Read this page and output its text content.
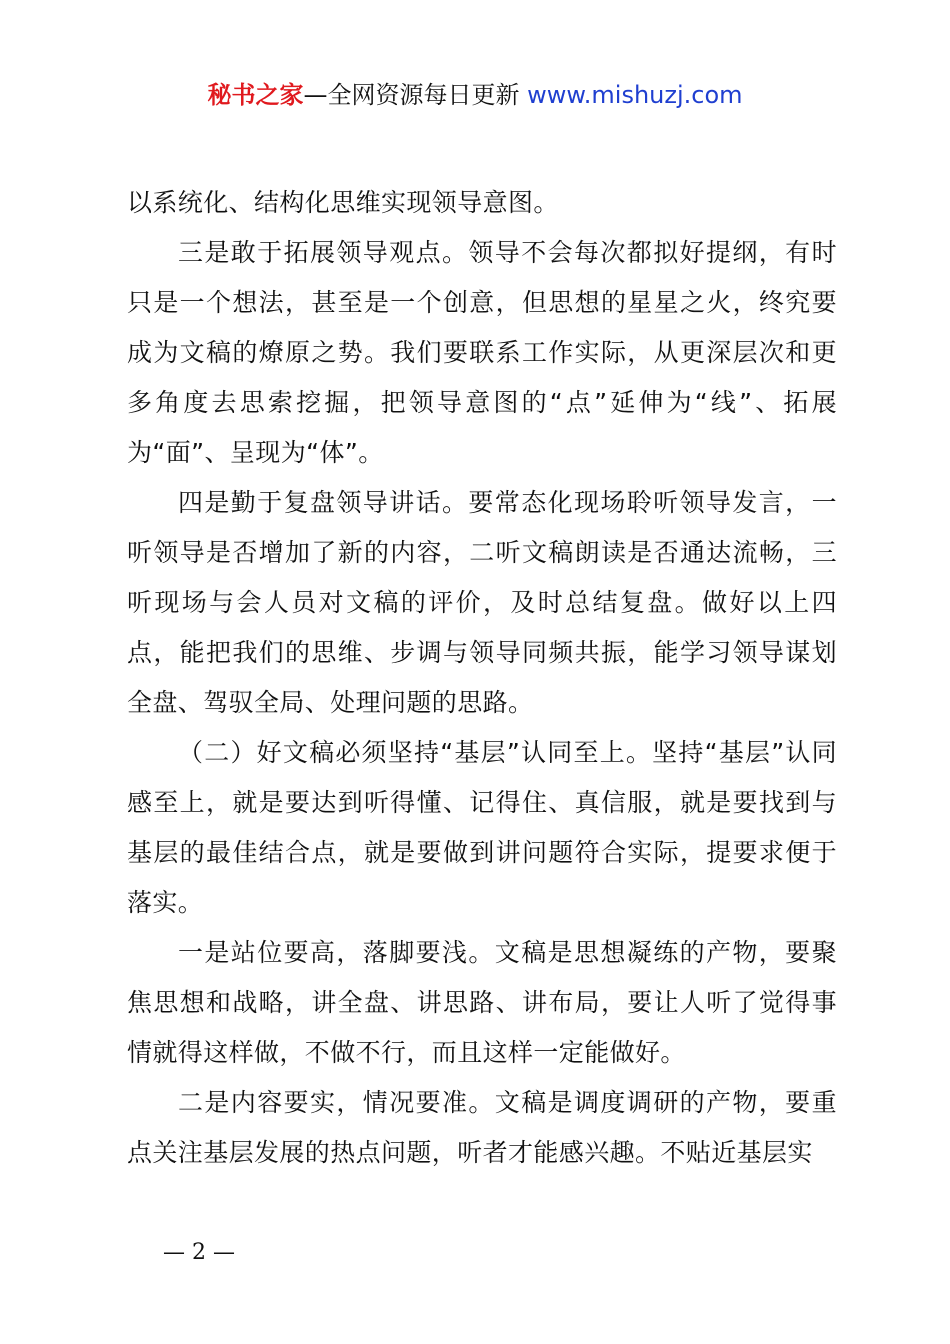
秘书之家—全网资源每日更新 www.mishuzj.com

以系统化、结构化思维实现领导意图。

三是敢于拓展领导观点。领导不会每次都拟好提纲，有时只是一个想法，甚至是一个创意，但思想的星星之火，终究要成为文稿的燎原之势。我们要联系工作实际，从更深层次和更多角度去思索挖掘，把领导意图的“点”延伸为“线”、拓展为“面”、呈现为“体”。

四是勤于复盘领导讲话。要常态化现场聆听领导发言，一听领导是否增加了新的内容，二听文稿朗读是否通达流畅，三听现场与会人员对文稿的评价，及时总结复盘。做好以上四点，能把我们的思维、步调与领导同频共振，能学习领导谋划全盘、驾驭全局、处理问题的思路。

（二）好文稿必须坚持“基层”认同至上。坚持“基层”认同感至上，就是要达到听得懂、记得住、真信服，就是要找到与基层的最佳结合点，就是要做到讲问题符合实际，提要求便于落实。

一是站位要高，落脚要浅。文稿是思想凝练的产物，要聚焦思想和战略，讲全盘、讲思路、讲布局，要让人听了觉得事情就得这样做，不做不行，而且这样一定能做好。

二是内容要实，情况要准。文稿是调度调研的产物，要重点关注基层发展的热点问题，听者才能感兴趣。不贴近基层实

— 2 —
